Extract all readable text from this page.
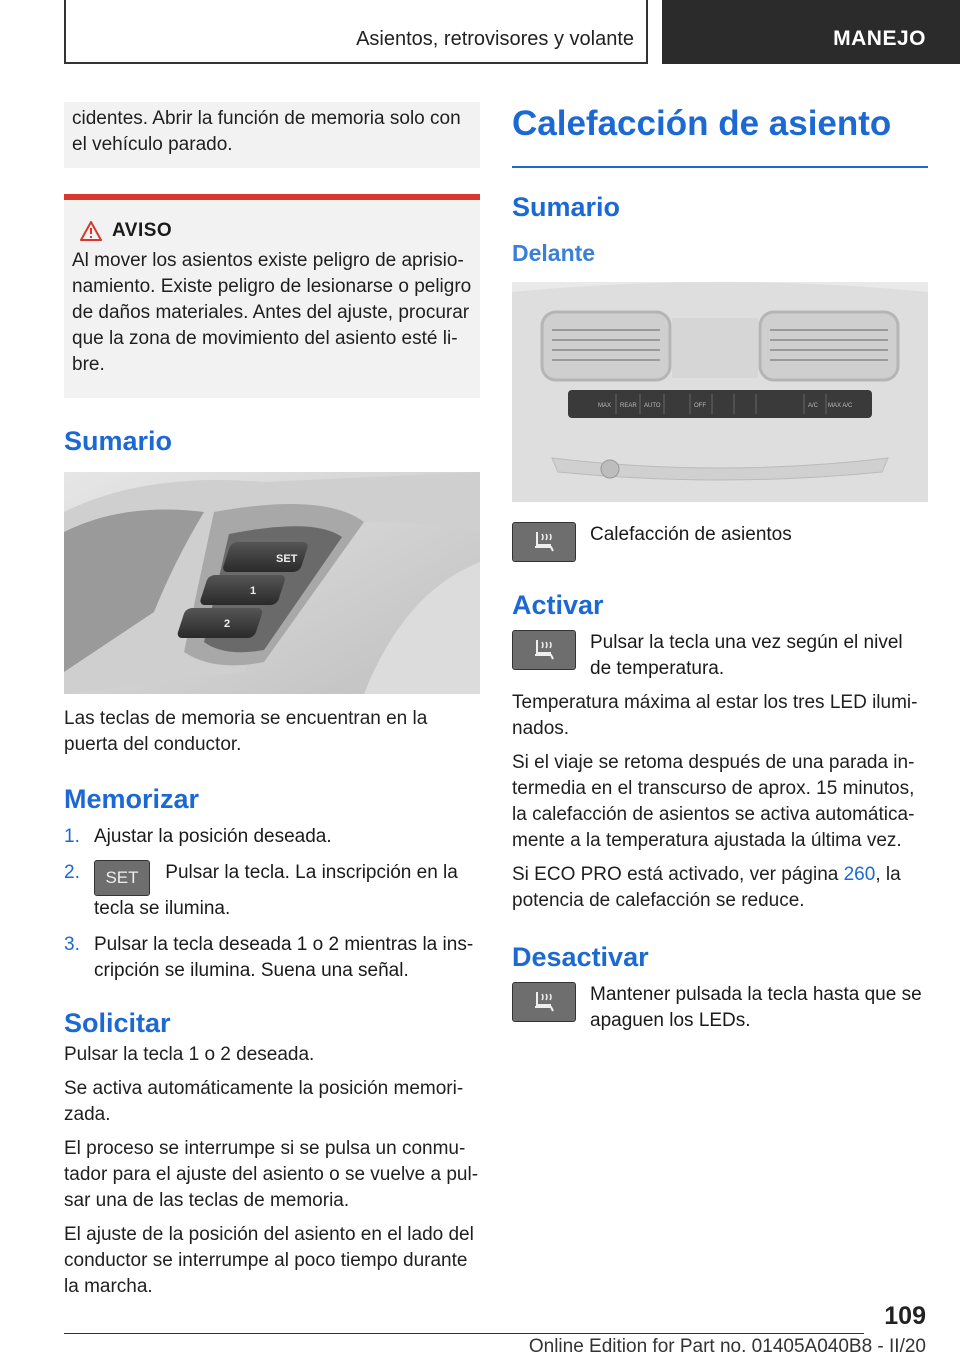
Asientos, retrovisores y volante	MANEJO

cidentes. Abrir la función de memoria solo con el vehículo parado.

AVISO

Al mover los asientos existe peligro de aprisionamiento. Existe peligro de lesionarse o peligro de daños materiales. Antes del ajuste, procurar que la zona de movimiento del asiento esté libre.

Sumario
SET
1
2

Las teclas de memoria se encuentran en la puerta del conductor.

Memorizar
1. Ajustar la posición deseada.
2.	SET Pulsar la tecla. La inscripción en la tecla se ilumina.
3. Pulsar la tecla deseada 1 o 2 mientras la inscripción se ilumina. Suena una señal.
Solicitar

Pulsar la tecla 1 o 2 deseada.

Se activa automáticamente la posición memorizada.

El proceso se interrumpe si se pulsa un conmutador para el ajuste del asiento o se vuelve a pulsar una de las teclas de memoria.

El ajuste de la posición del asiento en el lado del conductor se interrumpe al poco tiempo durante la marcha.

Calefacción de asiento
Sumario
Delante
MAX REAR AUTO	OFF	A/C MAX A/C
Calefacción de asientos
Activar
Pulsar la tecla una vez según el nivel de temperatura.

Temperatura máxima al estar los tres LED iluminados.

Si el viaje se retoma después de una parada intermedia en el transcurso de aprox. 15 minutos, la calefacción de asientos se activa automáticamente a la temperatura ajustada la última vez.

Si ECO PRO está activado, ver página 260, la potencia de calefacción se reduce.

Desactivar
Mantener pulsada la tecla hasta que se apaguen los LEDs.
109
Online Edition for Part no. 01405A040B8 - II/20
